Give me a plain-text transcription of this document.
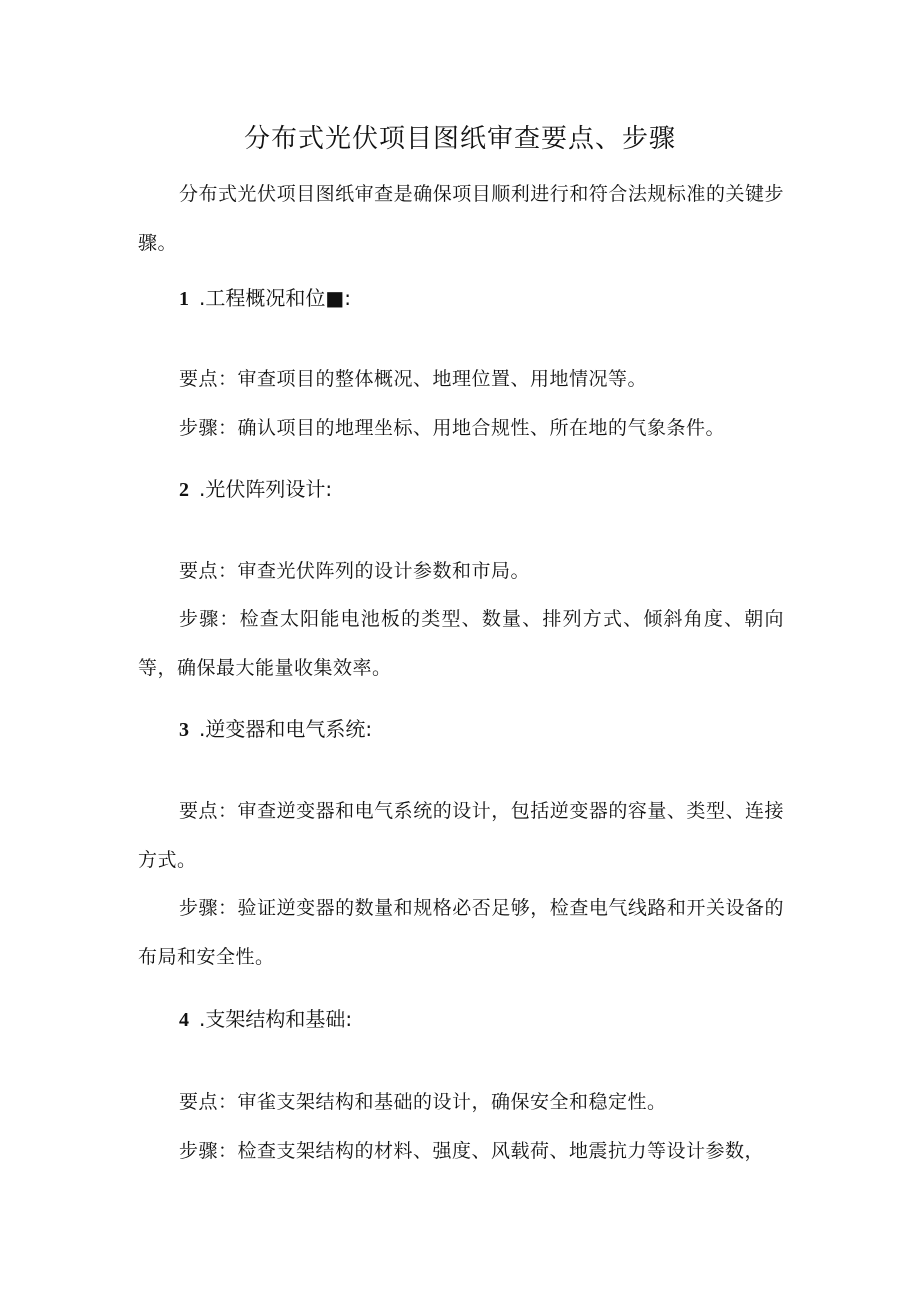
分布式光伏项目图纸审查要点、步骤
分布式光伏项目图纸审查是确保项目顺利进行和符合法规标准的关键步骤。
1 .工程概况和位■:
要点：审查项目的整体概况、地理位置、用地情况等。
步骤：确认项目的地理坐标、用地合规性、所在地的气象条件。
2 .光伏阵列设计:
要点：审查光伏阵列的设计参数和市局。
步骤：检查太阳能电池板的类型、数量、排列方式、倾斜角度、朝向等，确保最大能量收集效率。
3 .逆变器和电气系统:
要点：审查逆变器和电气系统的设计，包括逆变器的容量、类型、连接方式。
步骤：验证逆变器的数量和规格必否足够，检查电气线路和开关设备的布局和安全性。
4 .支架结构和基础:
要点：审雀支架结构和基础的设计，确保安全和稳定性。
步骤：检查支架结构的材料、强度、风载荷、地震抗力等设计参数，
